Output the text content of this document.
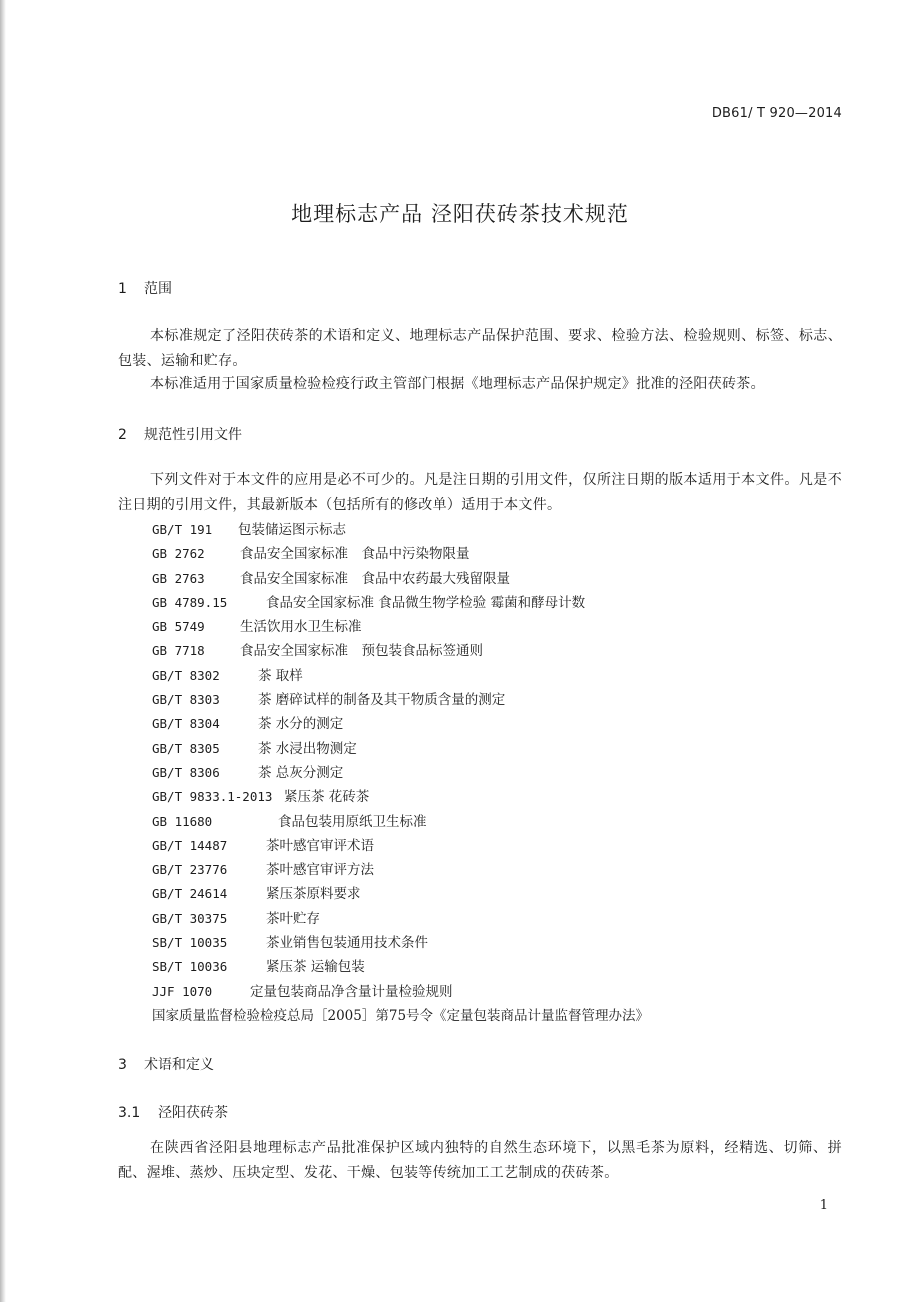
DB61/ T 920—2014
地理标志产品 泾阳茯砖茶技术规范
1 范围

本标准规定了泾阳茯砖茶的术语和定义、地理标志产品保护范围、要求、检验方法、检验规则、标签、标志、包装、运输和贮存。

本标准适用于国家质量检验检疫行政主管部门根据《地理标志产品保护规定》批准的泾阳茯砖茶。

2 规范性引用文件

下列文件对于本文件的应用是必不可少的。凡是注日期的引用文件，仅所注日期的版本适用于本文件。凡是不注日期的引用文件，其最新版本（包括所有的修改单）适用于本文件。

GB/T 191 包装储运图示标志
GB 2762	食品安全国家标准　食品中污染物限量
GB 2763	食品安全国家标准　食品中农药最大残留限量
GB 4789.15	食品安全国家标准 食品微生物学检验 霉菌和酵母计数
GB 5749	生活饮用水卫生标准
GB 7718	食品安全国家标准　预包装食品标签通则
GB/T 8302	茶 取样
GB/T 8303	茶 磨碎试样的制备及其干物质含量的测定
GB/T 8304	茶 水分的测定
GB/T 8305	茶 水浸出物测定
GB/T 8306	茶 总灰分测定
GB/T 9833.1-2013 紧压茶 花砖茶
GB 11680	食品包装用原纸卫生标准
GB/T 14487	茶叶感官审评术语
GB/T 23776	茶叶感官审评方法
GB/T 24614	紧压茶原料要求
GB/T 30375	茶叶贮存
SB/T 10035	茶业销售包装通用技术条件
SB/T 10036	紧压茶 运输包装
JJF 1070	定量包装商品净含量计量检验规则
国家质量监督检验检疫总局［2005］第75号令《定量包装商品计量监督管理办法》
3 术语和定义
3.1 泾阳茯砖茶

在陕西省泾阳县地理标志产品批准保护区域内独特的自然生态环境下，以黑毛茶为原料，经精选、切筛、拼配、渥堆、蒸炒、压块定型、发花、干燥、包装等传统加工工艺制成的茯砖茶。

1
